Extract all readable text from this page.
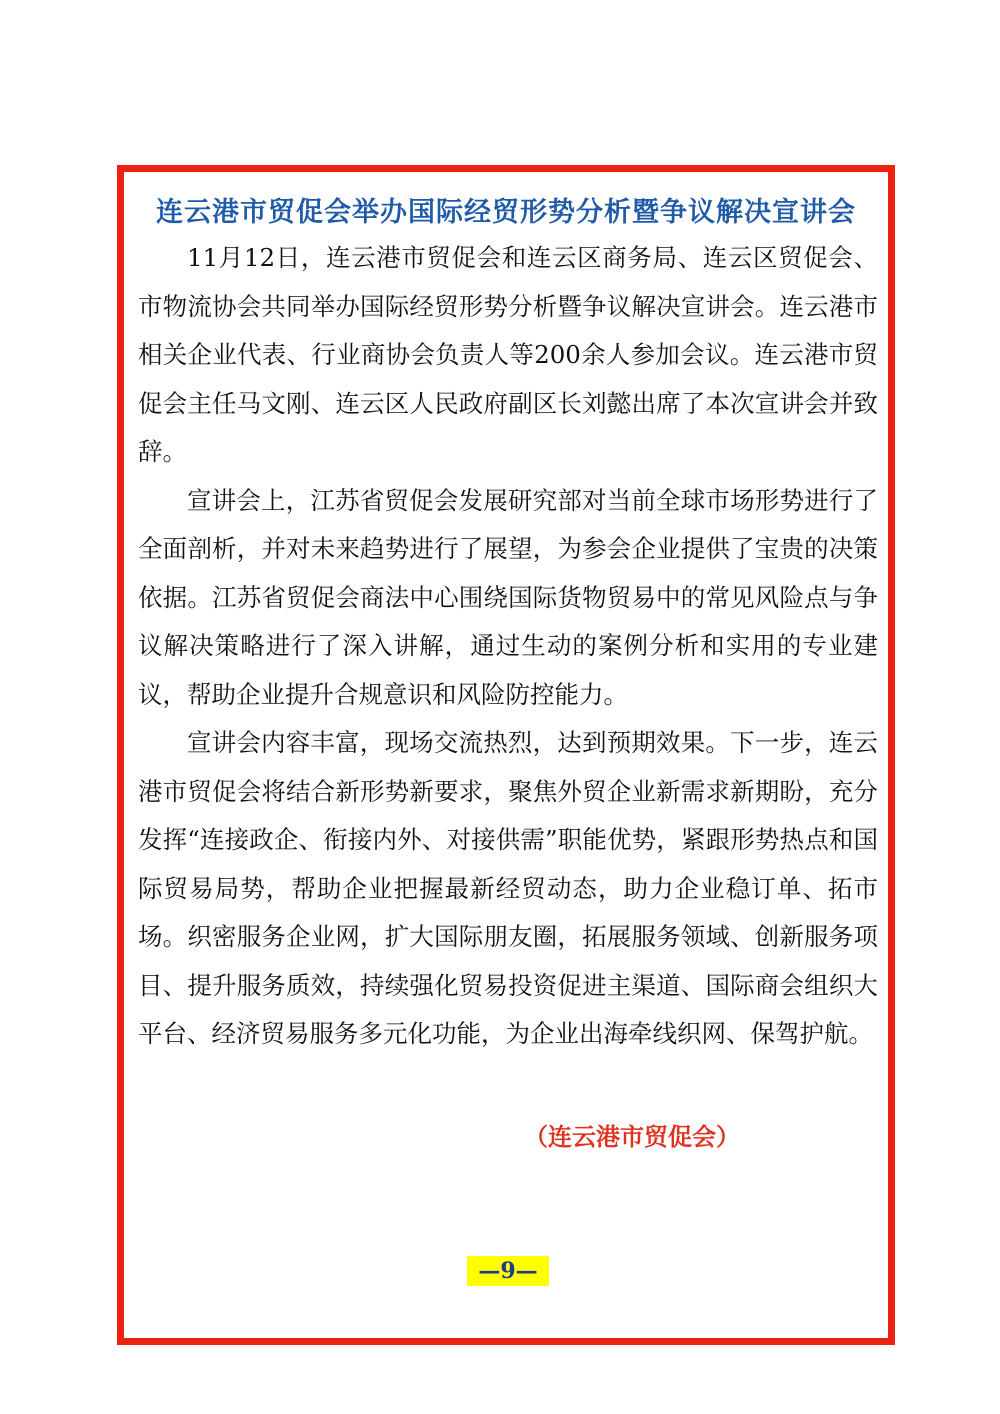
连云港市贸促会举办国际经贸形势分析暨争议解决宣讲会

11月12日，连云港市贸促会和连云区商务局、连云区贸促会、市物流协会共同举办国际经贸形势分析暨争议解决宣讲会。连云港市相关企业代表、行业商协会负责人等200余人参加会议。连云港市贸促会主任马文刚、连云区人民政府副区长刘懿出席了本次宣讲会并致辞。

宣讲会上，江苏省贸促会发展研究部对当前全球市场形势进行了全面剖析，并对未来趋势进行了展望，为参会企业提供了宝贵的决策依据。江苏省贸促会商法中心围绕国际货物贸易中的常见风险点与争议解决策略进行了深入讲解，通过生动的案例分析和实用的专业建议，帮助企业提升合规意识和风险防控能力。

宣讲会内容丰富，现场交流热烈，达到预期效果。下一步，连云港市贸促会将结合新形势新要求，聚焦外贸企业新需求新期盼，充分发挥“连接政企、衔接内外、对接供需”职能优势，紧跟形势热点和国际贸易局势，帮助企业把握最新经贸动态，助力企业稳订单、拓市场。织密服务企业网，扩大国际朋友圈，拓展服务领域、创新服务项目、提升服务质效，持续强化贸易投资促进主渠道、国际商会组织大平台、经济贸易服务多元化功能，为企业出海牵线织网、保驾护航。

（连云港市贸促会）
—9—
